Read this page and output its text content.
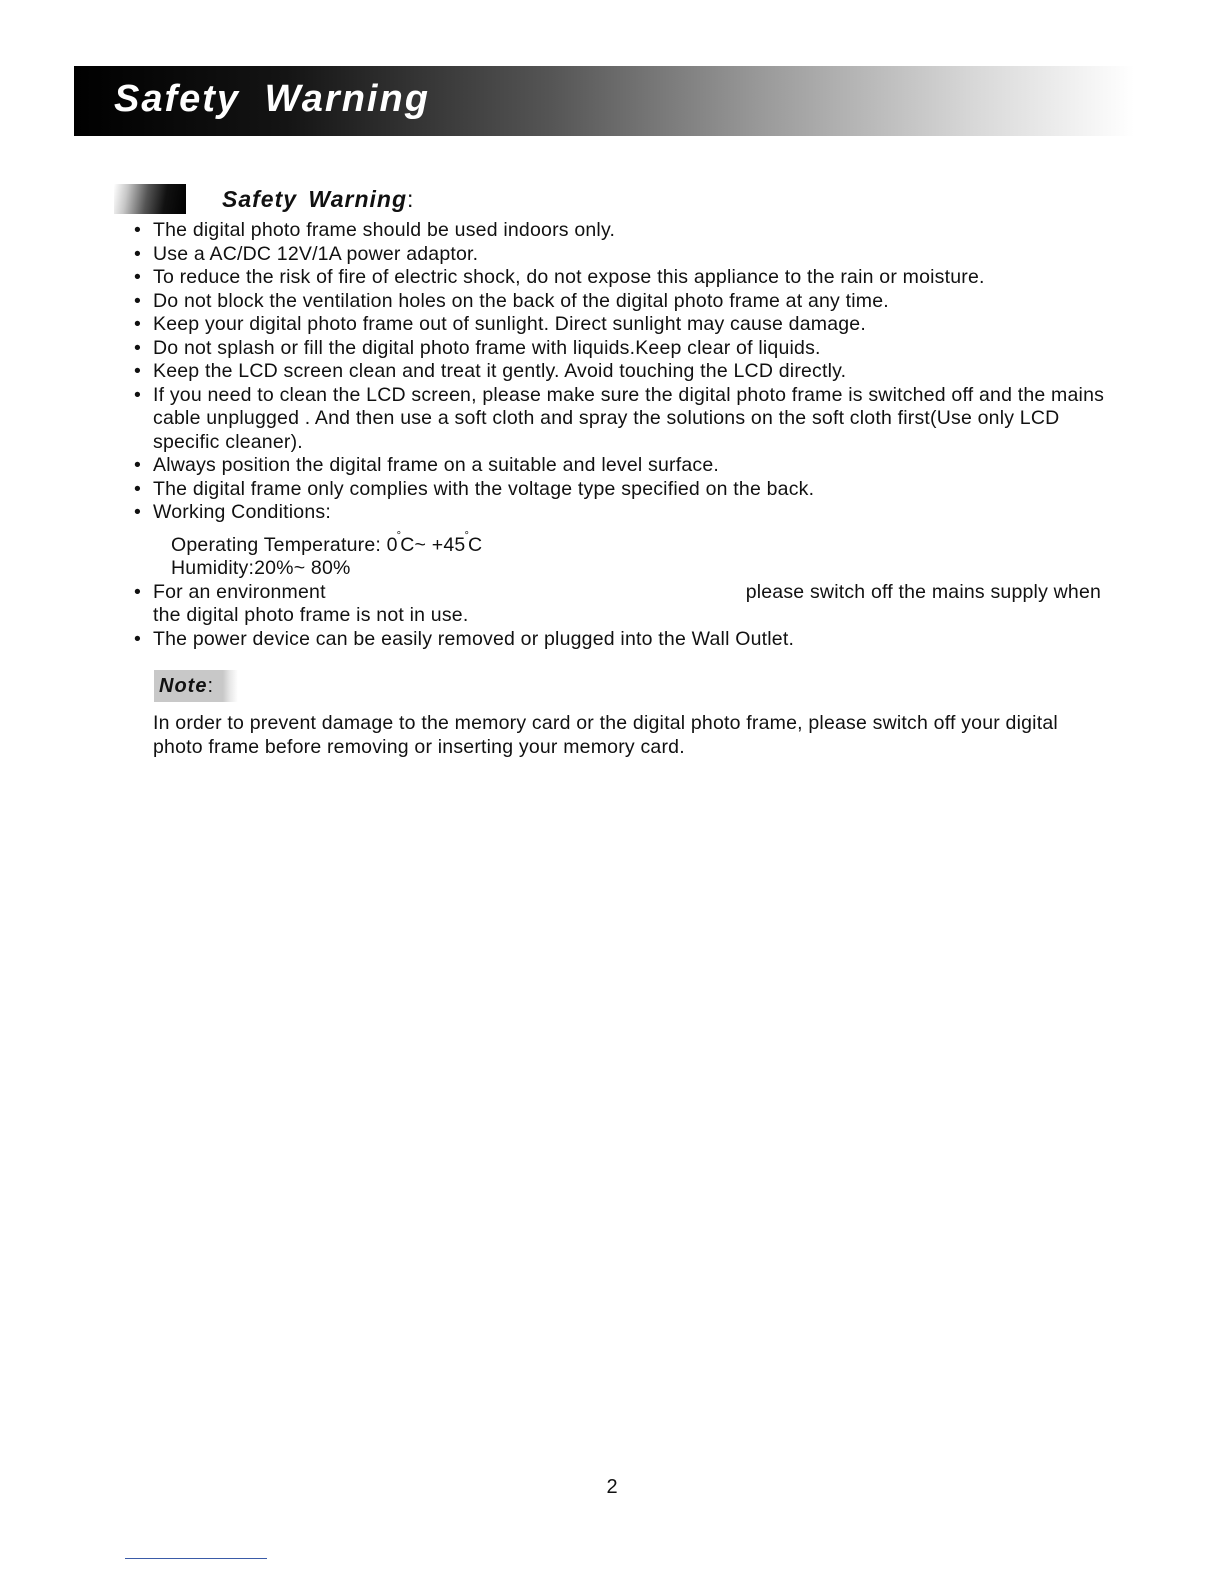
Safety Warning
Safety Warning:
• The digital photo frame should be used indoors only.
• Use a AC/DC 12V/1A power adaptor.
• To reduce the risk of fire of electric shock, do not expose this appliance to the rain or moisture.
• Do not block the ventilation holes on the back of the digital photo frame at any time.
• Keep your digital photo frame out of sunlight. Direct sunlight may cause damage.
• Do not splash or fill the digital photo frame with liquids.Keep clear of liquids.
• Keep the LCD screen clean and treat it gently. Avoid touching the LCD directly.
• If you need to clean the LCD screen, please make sure the digital photo frame is switched off and the mains cable unplugged . And then use a soft cloth and spray the solutions on the soft cloth first(Use only LCD specific cleaner).
• Always position the digital frame on a suitable and level surface.
• The digital frame only complies with the voltage type specified on the back.
• Working Conditions:
Operating Temperature: 0°C~ +45°C
Humidity:20%~ 80%
• For an environment	please switch off the mains supply when the digital photo frame is not in use.
• The power device can be easily removed or plugged into the Wall Outlet.
Note:

In order to prevent damage to the memory card or the digital photo frame, please switch off your digital photo frame before removing or inserting your memory card.

2
